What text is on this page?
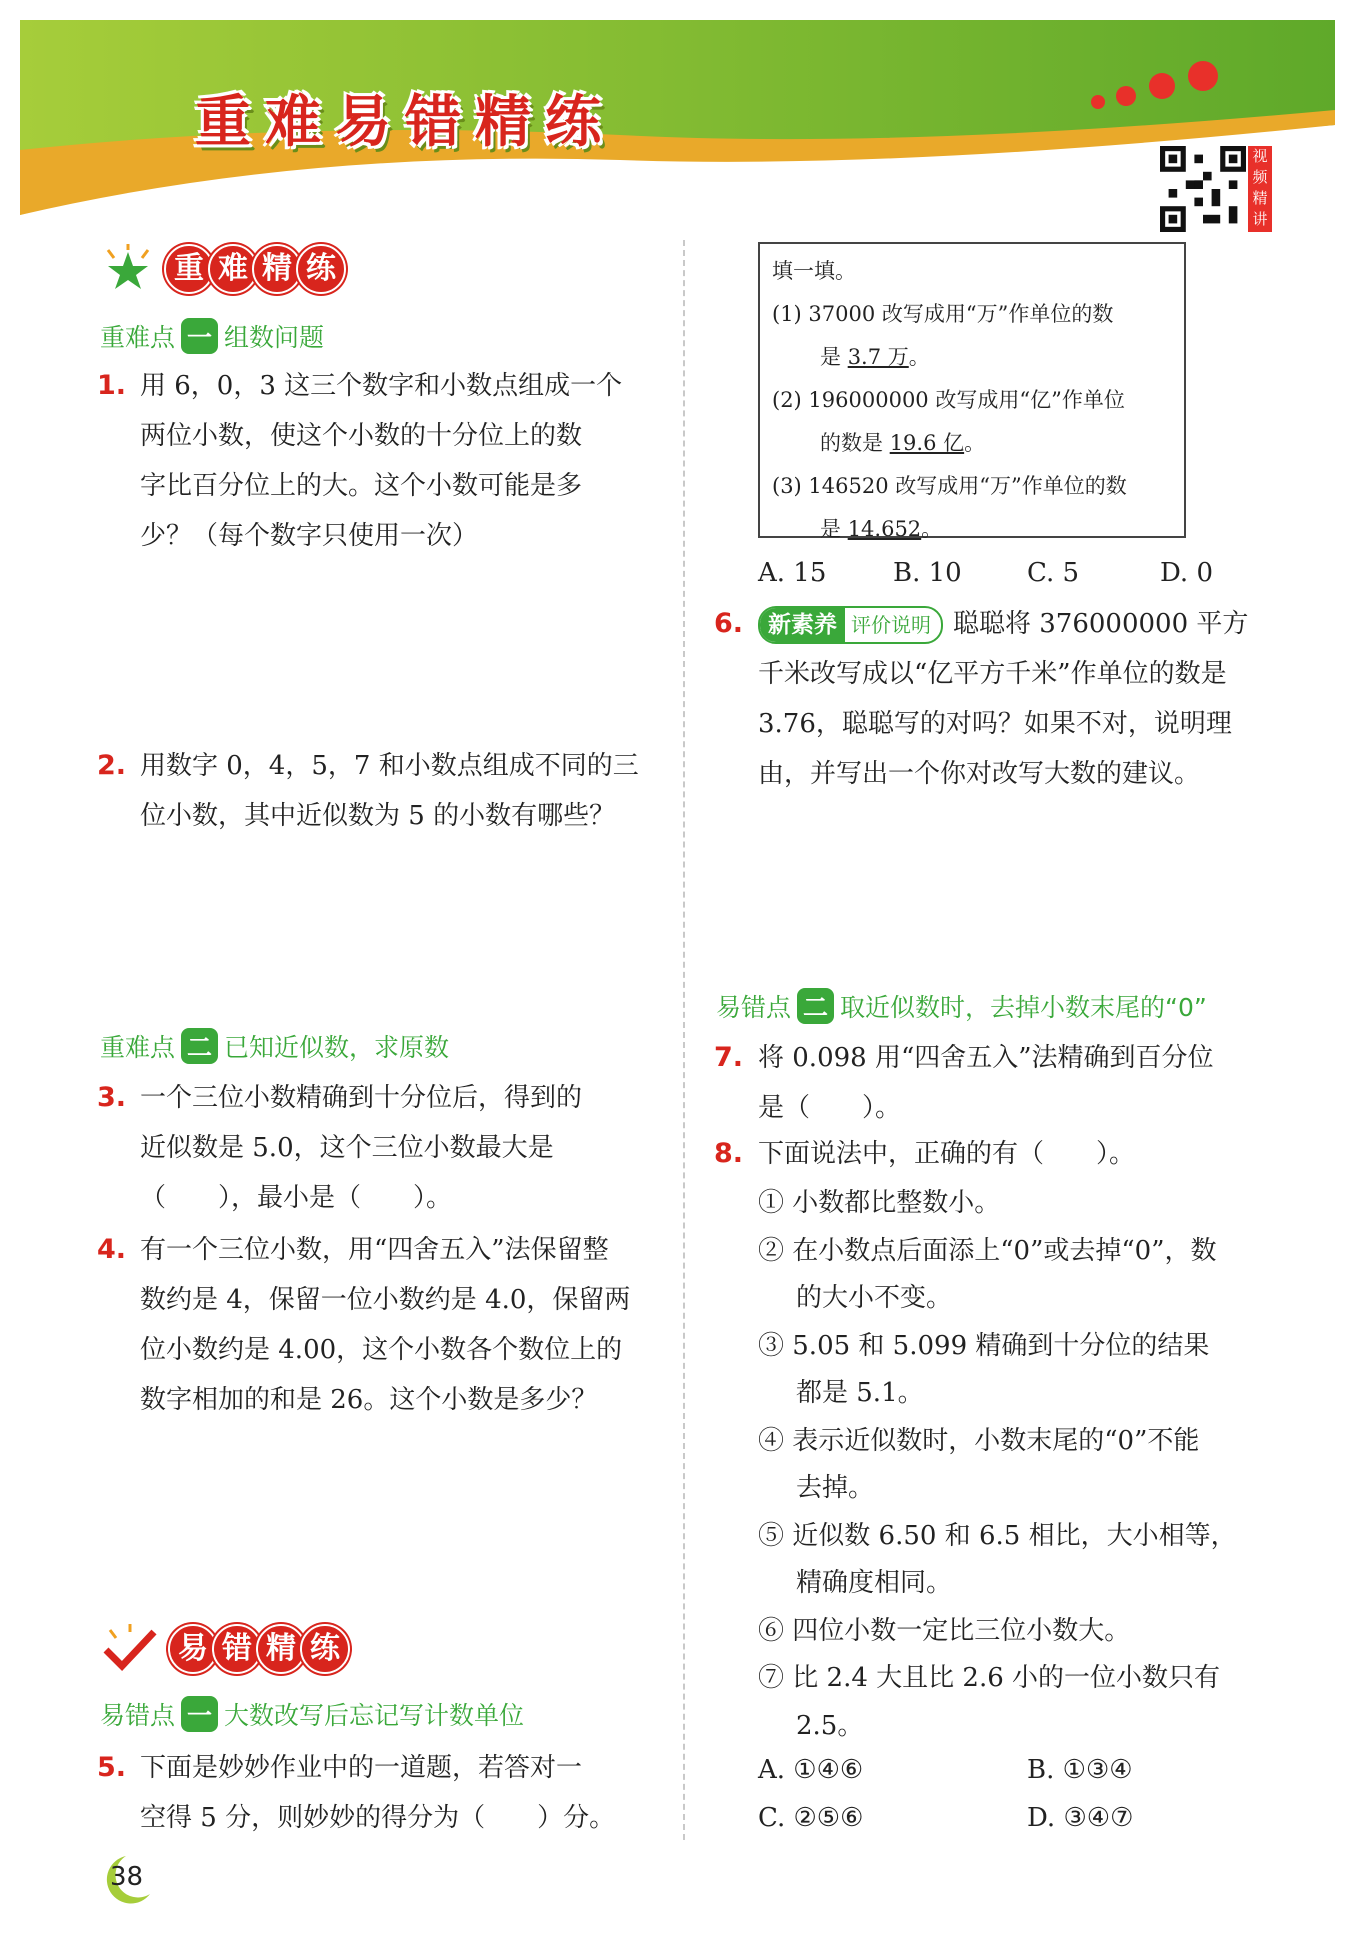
重难易错精练
视频精讲
重 难 精 练
重难点 一 组数问题
1. 用 6，0，3 这三个数字和小数点组成一个
两位小数，使这个小数的十分位上的数
字比百分位上的大。这个小数可能是多
少？（每个数字只使用一次）
2. 用数字 0，4，5，7 和小数点组成不同的三
位小数，其中近似数为 5 的小数有哪些？
重难点 二 已知近似数，求原数
3. 一个三位小数精确到十分位后，得到的
近似数是 5.0，这个三位小数最大是
（　　），最小是（　　）。
4. 有一个三位小数，用“四舍五入”法保留整
数约是 4，保留一位小数约是 4.0，保留两
位小数约是 4.00，这个小数各个数位上的
数字相加的和是 26。这个小数是多少？
易 错 精 练
易错点 一 大数改写后忘记写计数单位
5. 下面是妙妙作业中的一道题，若答对一
空得 5 分，则妙妙的得分为（　　）分。
填一填。
(1) 37000 改写成用“万”作单位的数
是 3.7 万。
(2) 196000000 改写成用“亿”作单位
的数是 19.6 亿。
(3) 146520 改写成用“万”作单位的数
是 14.652。
A. 15	B. 10	C. 5	D. 0
6.	新素养 评价说明 聪聪将 376000000 平方
千米改写成以“亿平方千米”作单位的数是
3.76，聪聪写的对吗？如果不对，说明理
由，并写出一个你对改写大数的建议。
易错点 二 取近似数时，去掉小数末尾的“0”
7. 将 0.098 用“四舍五入”法精确到百分位
是（　　）。
8. 下面说法中，正确的有（　　）。
① 小数都比整数小。
② 在小数点后面添上“0”或去掉“0”，数
的大小不变。
③ 5.05 和 5.099 精确到十分位的结果
都是 5.1。
④ 表示近似数时，小数末尾的“0”不能
去掉。
⑤ 近似数 6.50 和 6.5 相比，大小相等，
精确度相同。
⑥ 四位小数一定比三位小数大。
⑦ 比 2.4 大且比 2.6 小的一位小数只有
2.5。
A. ①④⑥	B. ①③④
C. ②⑤⑥	D. ③④⑦
38
